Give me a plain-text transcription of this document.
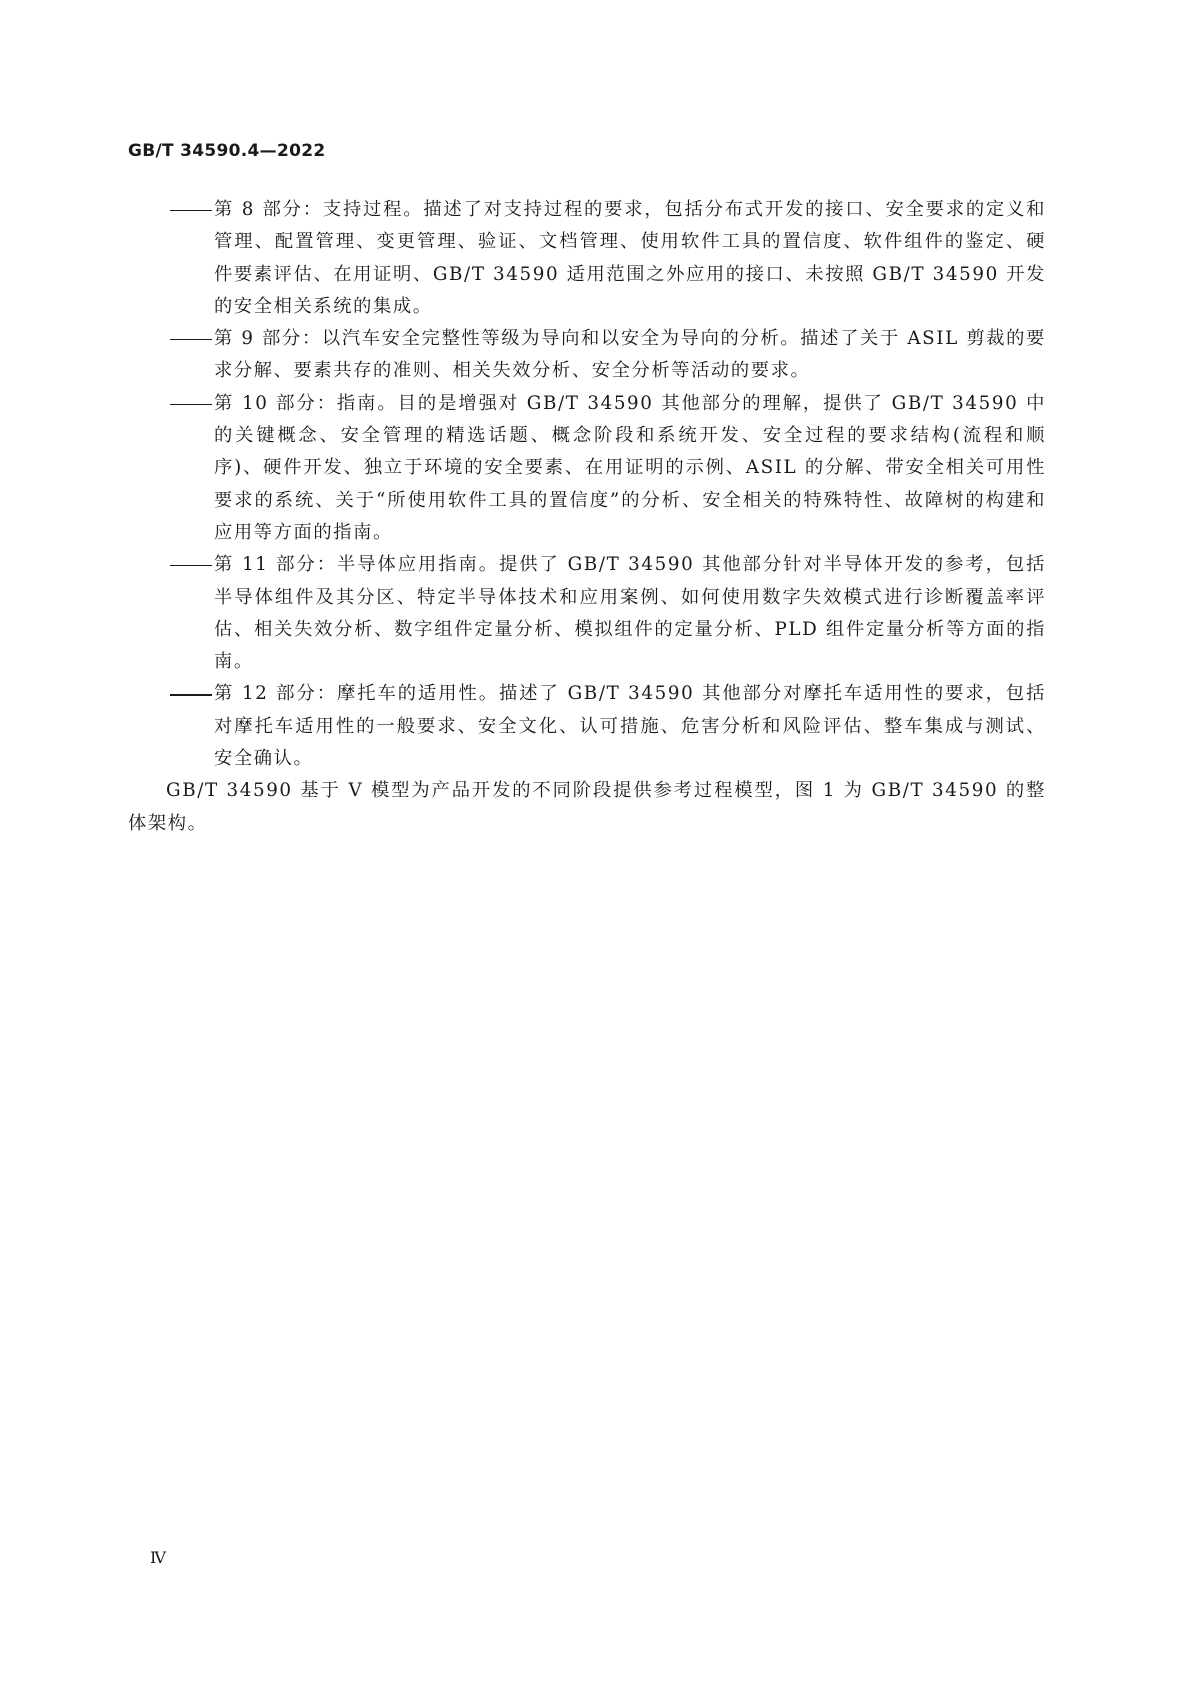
GB/T 34590.4—2022

第 8 部分：支持过程。描述了对支持过程的要求，包括分布式开发的接口、安全要求的定义和管理、配置管理、变更管理、验证、文档管理、使用软件工具的置信度、软件组件的鉴定、硬件要素评估、在用证明、GB/T 34590 适用范围之外应用的接口、未按照 GB/T 34590 开发的安全相关系统的集成。

第 9 部分：以汽车安全完整性等级为导向和以安全为导向的分析。描述了关于 ASIL 剪裁的要求分解、要素共存的准则、相关失效分析、安全分析等活动的要求。

第 10 部分：指南。目的是增强对 GB/T 34590 其他部分的理解，提供了 GB/T 34590 中的关键概念、安全管理的精选话题、概念阶段和系统开发、安全过程的要求结构(流程和顺序)、硬件开发、独立于环境的安全要素、在用证明的示例、ASIL 的分解、带安全相关可用性要求的系统、关于“所使用软件工具的置信度”的分析、安全相关的特殊特性、故障树的构建和应用等方面的指南。

第 11 部分：半导体应用指南。提供了 GB/T 34590 其他部分针对半导体开发的参考，包括半导体组件及其分区、特定半导体技术和应用案例、如何使用数字失效模式进行诊断覆盖率评估、相关失效分析、数字组件定量分析、模拟组件的定量分析、PLD 组件定量分析等方面的指南。

第 12 部分：摩托车的适用性。描述了 GB/T 34590 其他部分对摩托车适用性的要求，包括对摩托车适用性的一般要求、安全文化、认可措施、危害分析和风险评估、整车集成与测试、安全确认。

GB/T 34590 基于 V 模型为产品开发的不同阶段提供参考过程模型，图 1 为 GB/T 34590 的整体架构。

Ⅳ
